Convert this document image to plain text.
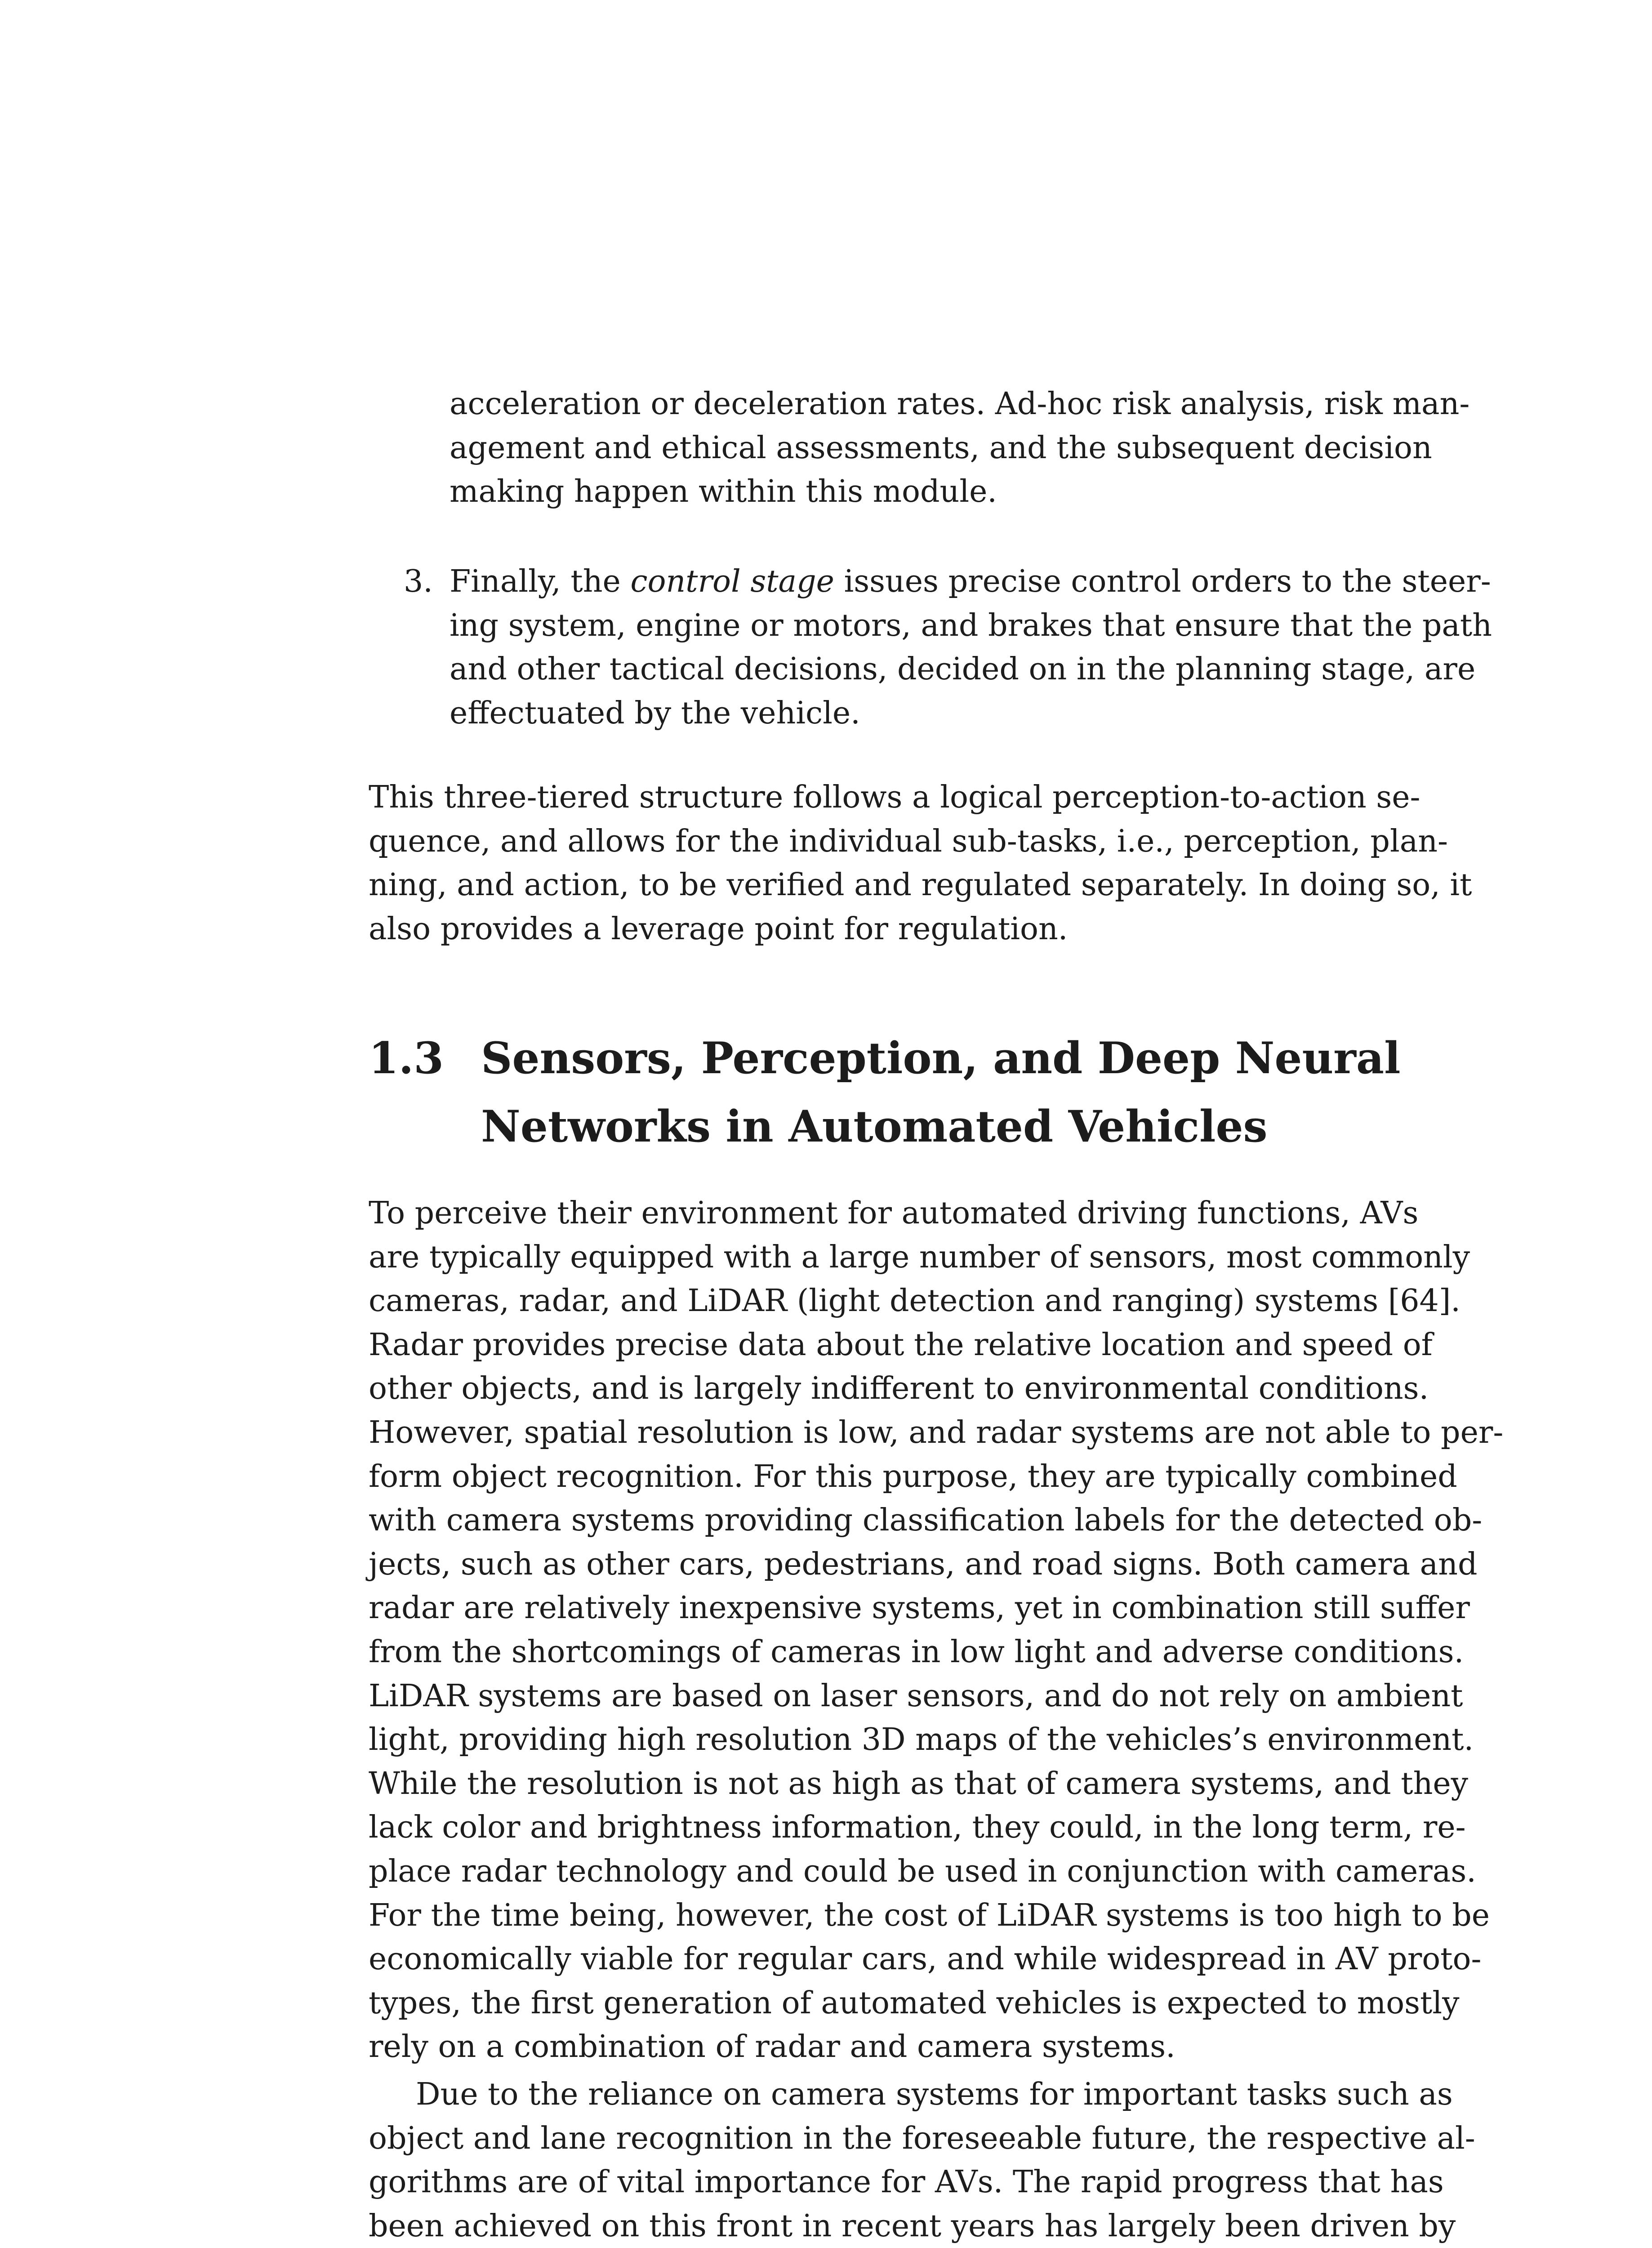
acceleration or deceleration rates. Ad-hoc risk analysis, risk man-
agement and ethical assessments, and the subsequent decision
making happen within this module.
3. Finally, the control stage issues precise control orders to the steer-
ing system, engine or motors, and brakes that ensure that the path
and other tactical decisions, decided on in the planning stage, are
effectuated by the vehicle.
This three-tiered structure follows a logical perception-to-action se-
quence, and allows for the individual sub-tasks, i.e., perception, plan-
ning, and action, to be verified and regulated separately. In doing so, it
also provides a leverage point for regulation.
1.3 Sensors, Perception, and Deep Neural
Networks in Automated Vehicles
To perceive their environment for automated driving functions, AVs
are typically equipped with a large number of sensors, most commonly
cameras, radar, and LiDAR (light detection and ranging) systems [64].
Radar provides precise data about the relative location and speed of
other objects, and is largely indifferent to environmental conditions.
However, spatial resolution is low, and radar systems are not able to per-
form object recognition. For this purpose, they are typically combined
with camera systems providing classification labels for the detected ob-
jects, such as other cars, pedestrians, and road signs. Both camera and
radar are relatively inexpensive systems, yet in combination still suffer
from the shortcomings of cameras in low light and adverse conditions.
LiDAR systems are based on laser sensors, and do not rely on ambient
light, providing high resolution 3D maps of the vehicles’s environment.
While the resolution is not as high as that of camera systems, and they
lack color and brightness information, they could, in the long term, re-
place radar technology and could be used in conjunction with cameras.
For the time being, however, the cost of LiDAR systems is too high to be
economically viable for regular cars, and while widespread in AV proto-
types, the first generation of automated vehicles is expected to mostly
rely on a combination of radar and camera systems.
Due to the reliance on camera systems for important tasks such as
object and lane recognition in the foreseeable future, the respective al-
gorithms are of vital importance for AVs. The rapid progress that has
been achieved on this front in recent years has largely been driven by
